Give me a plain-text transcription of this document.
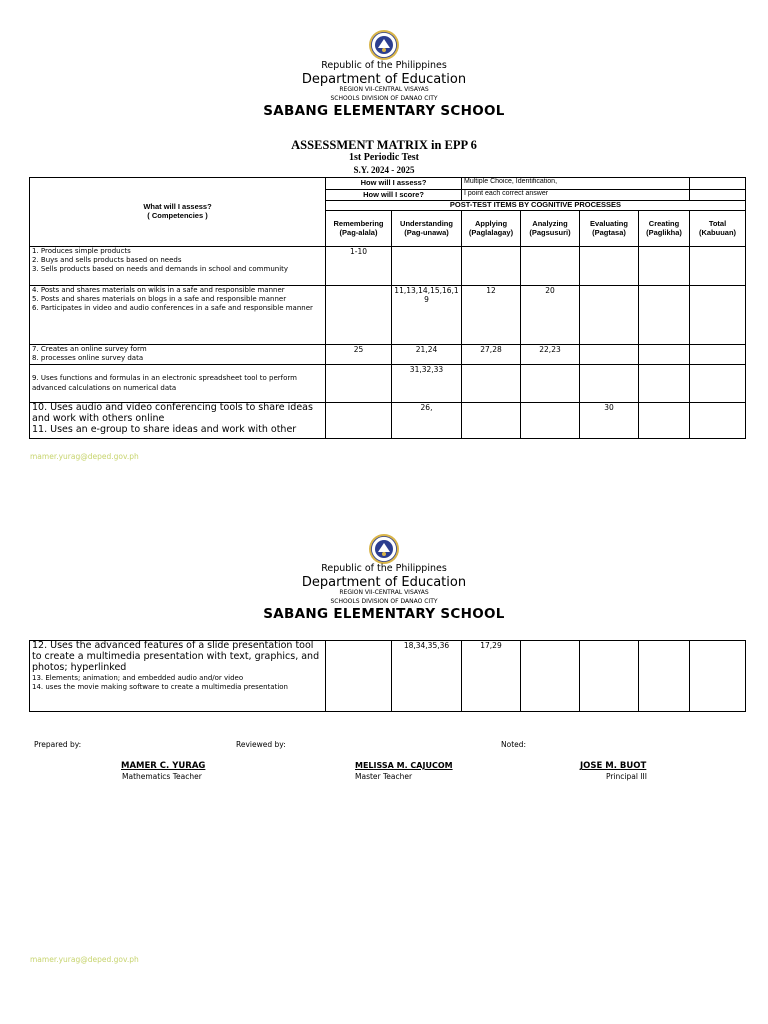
Republic of the Philippines
Department of Education
REGION VII-CENTRAL VISAYAS
SCHOOLS DIVISION OF DANAO CITY
SABANG ELEMENTARY SCHOOL
ASSESSMENT MATRIX in EPP 6
1st Periodic Test
S.Y. 2024 - 2025
What will I assess?
( Competencies )	How will I assess?		Multiple Choice, Identification,				
	How will I score?		I point each correct answer				
	POST-TEST ITEMS BY COGNITIVE PROCESSES						
	Remembering (Pag-alala)	Understanding (Pag-unawa)	Applying (Paglalagay)	Analyzing (Pagsusuri)	Evaluating (Pagtasa)	Creating (Paglikha)	Total (Kabuuan)

1. Produces simple products
2. Buys and sells products based on needs
3. Sells products based on needs and demands in school and community	1-10						

4. Posts and shares materials on wikis in a safe and responsible manner
5. Posts and shares materials on blogs in a safe and responsible manner
6. Participates in video and audio conferences in a safe and responsible manner		11,13,14,15,16,19	12	20			

7. Creates an online survey form
8. processes online survey data	25	21,24	27,28	22,23			

9. Uses functions and formulas in an electronic spreadsheet tool to perform advanced calculations on numerical data		31,32,33					

10. Uses audio and video conferencing tools to share ideas and work with others online
11. Uses an e-group to share ideas and work with other		26,			30		
mamer.yurag@deped.gov.ph
Republic of the Philippines
Department of Education
REGION VII-CENTRAL VISAYAS
SCHOOLS DIVISION OF DANAO CITY
SABANG ELEMENTARY SCHOOL
12. Uses the advanced features of a slide presentation tool to create a multimedia presentation with text, graphics, and photos; hyperlinked
13. Elements; animation; and embedded audio and/or video
14. uses the movie making software to create a multimedia presentation
		18,34,35,36	17,29				
Prepared by:	Reviewed by:	Noted:
MAMER C. YURAG
Mathematics Teacher
MELISSA M. CAJUCOM
Master Teacher
JOSE M. BUOT
Principal III
mamer.yurag@deped.gov.ph
